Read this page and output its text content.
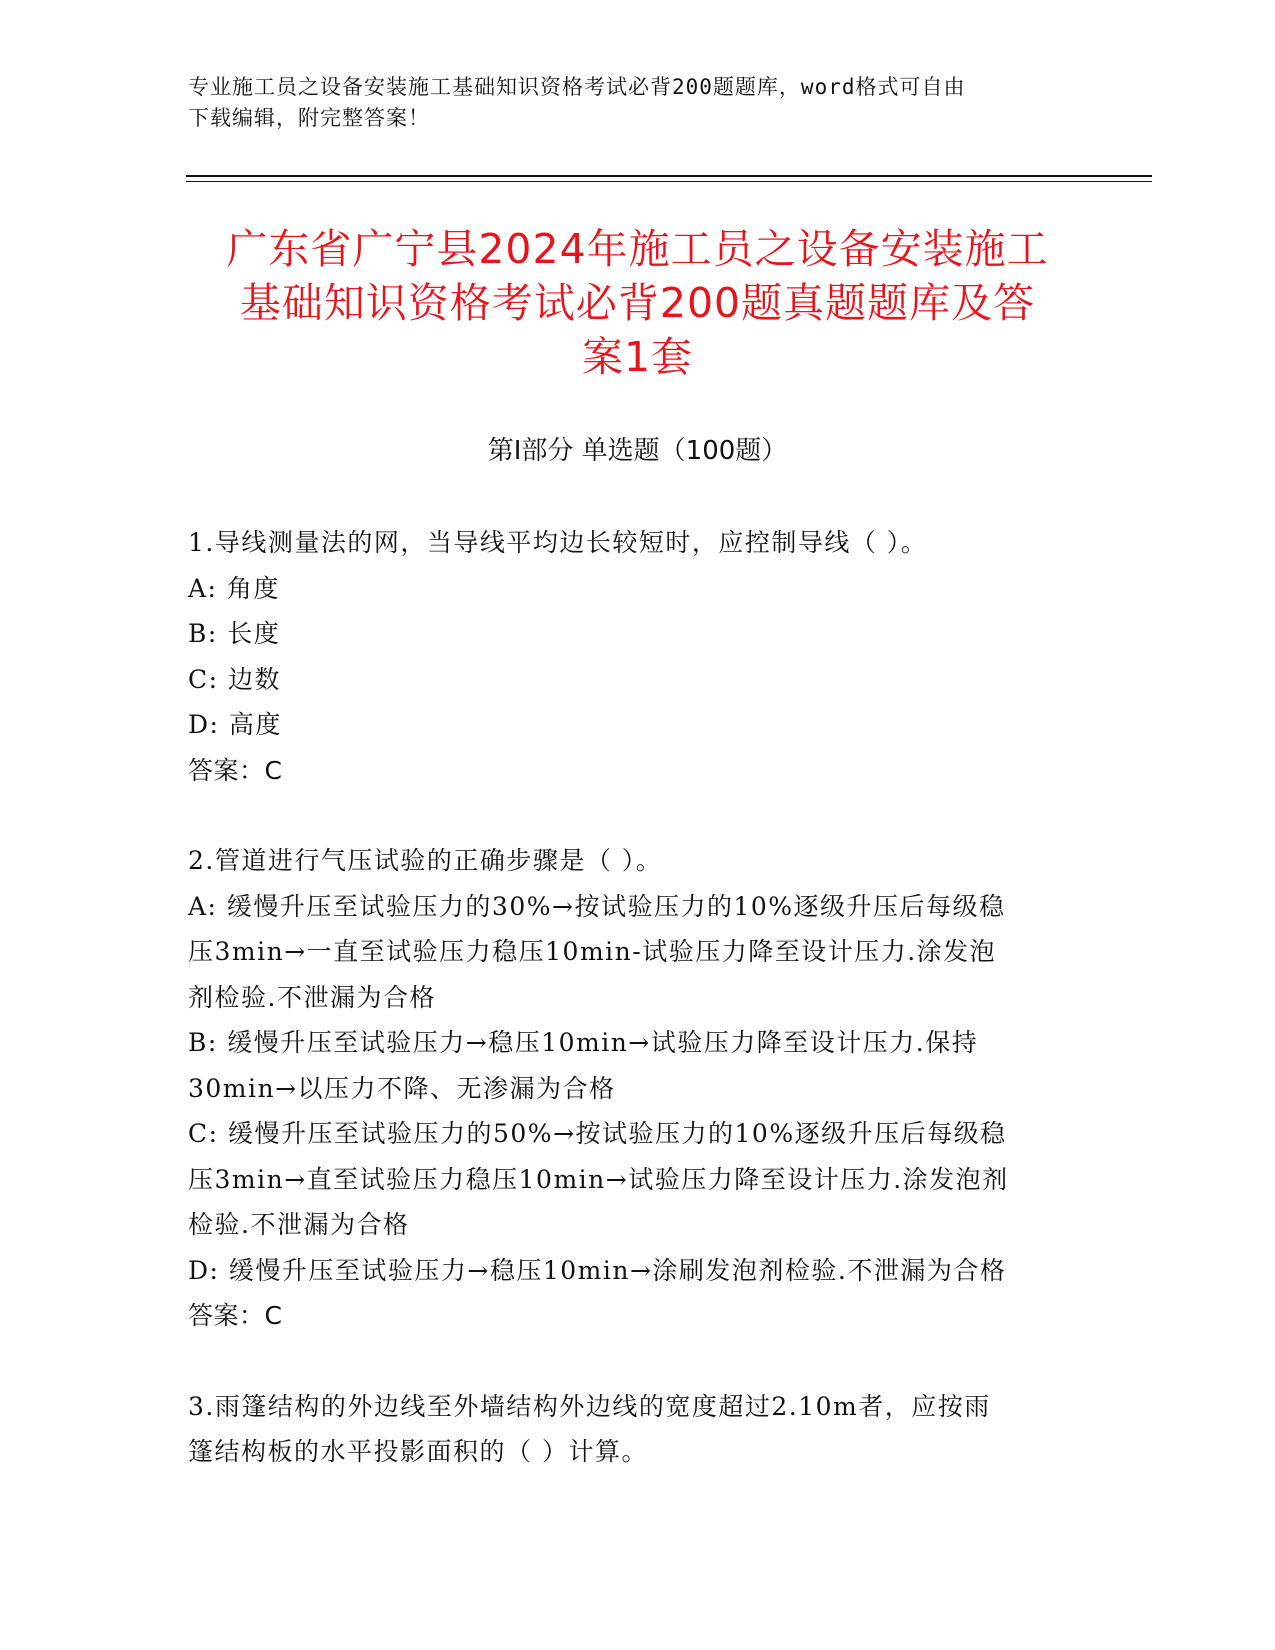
专业施工员之设备安装施工基础知识资格考试必背200题题库，word格式可自由
下载编辑，附完整答案！
广东省广宁县2024年施工员之设备安装施工
基础知识资格考试必背200题真题题库及答
案1套
第Ⅰ部分 单选题（100题）
1.导线测量法的网，当导线平均边长较短时，应控制导线（ ）。
A: 角度
B: 长度
C: 边数
D: 高度
答案：C
2.管道进行气压试验的正确步骤是（ ）。
A: 缓慢升压至试验压力的30%→按试验压力的10%逐级升压后每级稳
压3min→一直至试验压力稳压10min-试验压力降至设计压力.涂发泡
剂检验.不泄漏为合格
B: 缓慢升压至试验压力→稳压10min→试验压力降至设计压力.保持
30min→以压力不降、无渗漏为合格
C: 缓慢升压至试验压力的50%→按试验压力的10%逐级升压后每级稳
压3min→直至试验压力稳压10min→试验压力降至设计压力.涂发泡剂
检验.不泄漏为合格
D: 缓慢升压至试验压力→稳压10min→涂刷发泡剂检验.不泄漏为合格
答案：C
3.雨篷结构的外边线至外墙结构外边线的宽度超过2.10m者，应按雨
篷结构板的水平投影面积的（ ）计算。
